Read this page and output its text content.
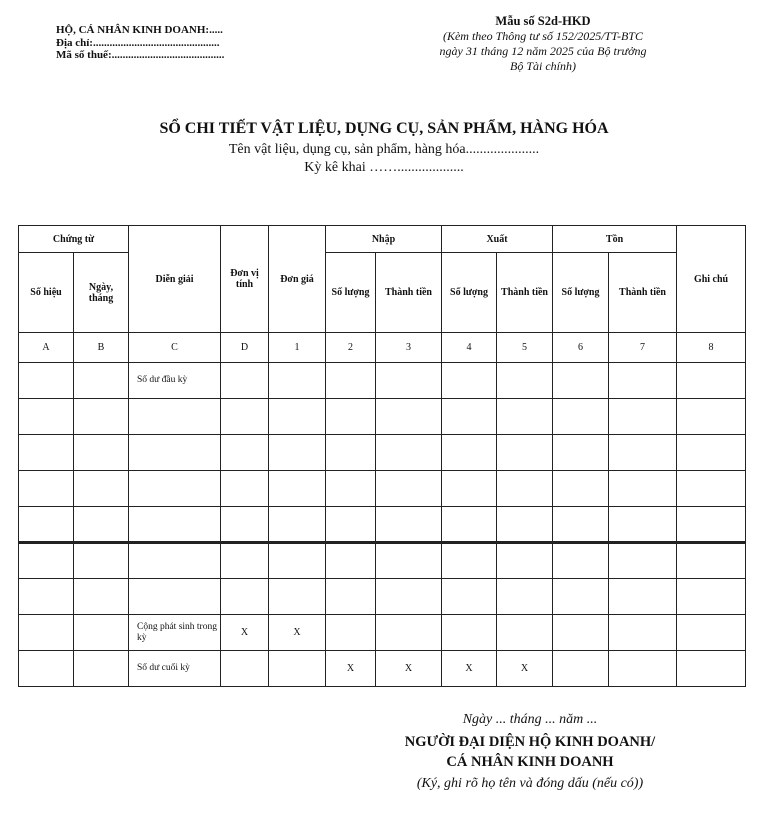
HỘ, CÁ NHÂN KINH DOANH:.....
Địa chỉ:..............................................
Mã số thuế:.........................................
Mẫu số S2d-HKD
(Kèm theo Thông tư số 152/2025/TT-BTC
ngày 31 tháng 12 năm 2025 của Bộ trưởng
Bộ Tài chính)
SỔ CHI TIẾT VẬT LIỆU, DỤNG CỤ, SẢN PHẨM, HÀNG HÓA
Tên vật liệu, dụng cụ, sản phẩm, hàng hóa.....................
Kỳ kê khai ……...................
Chứng từ		Diễn giải	Đơn vị tính	Đơn giá	Nhập		Xuất		Tồn		Ghi chú
Số hiệu	Ngày, tháng				Số lượng	Thành tiền	Số lượng	Thành tiền	Số lượng	Thành tiền	
A	B	C	D	1	2	3	4	5	6	7	8
		Số dư đầu kỳ									

		Cộng phát sinh trong kỳ	X	X							
		Số dư cuối kỳ			X	X	X	X			
Ngày ... tháng ... năm ...
NGƯỜI ĐẠI DIỆN HỘ KINH DOANH/
CÁ NHÂN KINH DOANH
(Ký, ghi rõ họ tên và đóng dấu (nếu có))
